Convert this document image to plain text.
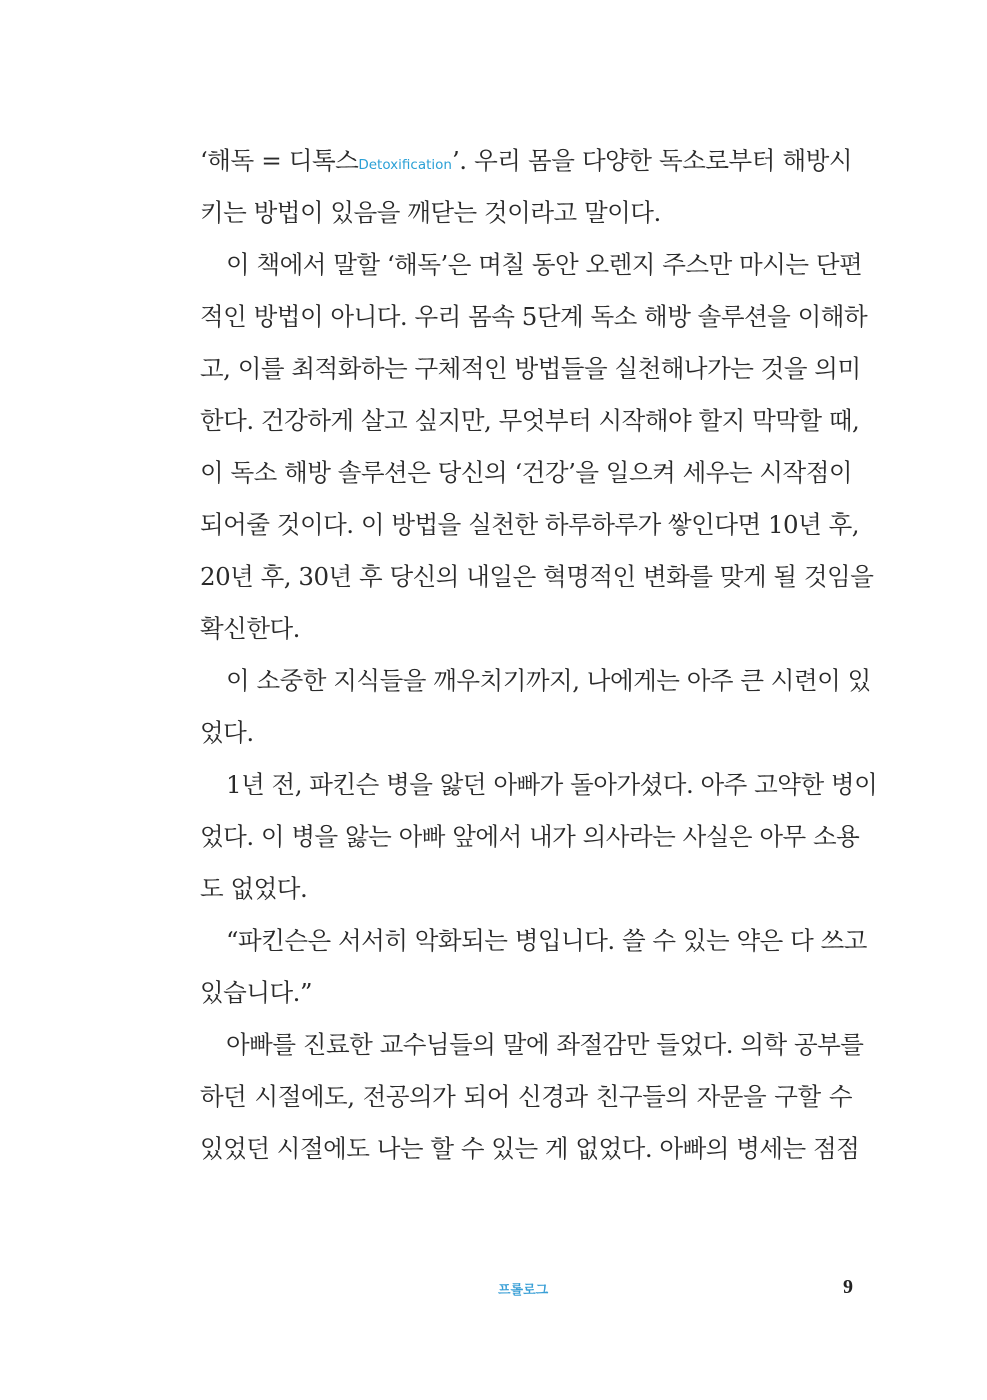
‘해독 = 디톡스Detoxification’. 우리 몸을 다양한 독소로부터 해방시
키는 방법이 있음을 깨닫는 것이라고 말이다.
이 책에서 말할 ‘해독’은 며칠 동안 오렌지 주스만 마시는 단편
적인 방법이 아니다. 우리 몸속 5단계 독소 해방 솔루션을 이해하
고, 이를 최적화하는 구체적인 방법들을 실천해나가는 것을 의미
한다. 건강하게 살고 싶지만, 무엇부터 시작해야 할지 막막할 때,
이 독소 해방 솔루션은 당신의 ‘건강’을 일으켜 세우는 시작점이
되어줄 것이다. 이 방법을 실천한 하루하루가 쌓인다면 10년 후,
20년 후, 30년 후 당신의 내일은 혁명적인 변화를 맞게 될 것임을
확신한다.
이 소중한 지식들을 깨우치기까지, 나에게는 아주 큰 시련이 있
었다.
1년 전, 파킨슨 병을 앓던 아빠가 돌아가셨다. 아주 고약한 병이
었다. 이 병을 앓는 아빠 앞에서 내가 의사라는 사실은 아무 소용
도 없었다.
“파킨슨은 서서히 악화되는 병입니다. 쓸 수 있는 약은 다 쓰고
있습니다.”
아빠를 진료한 교수님들의 말에 좌절감만 들었다. 의학 공부를
하던 시절에도, 전공의가 되어 신경과 친구들의 자문을 구할 수
있었던 시절에도 나는 할 수 있는 게 없었다. 아빠의 병세는 점점
프롤로그	9
